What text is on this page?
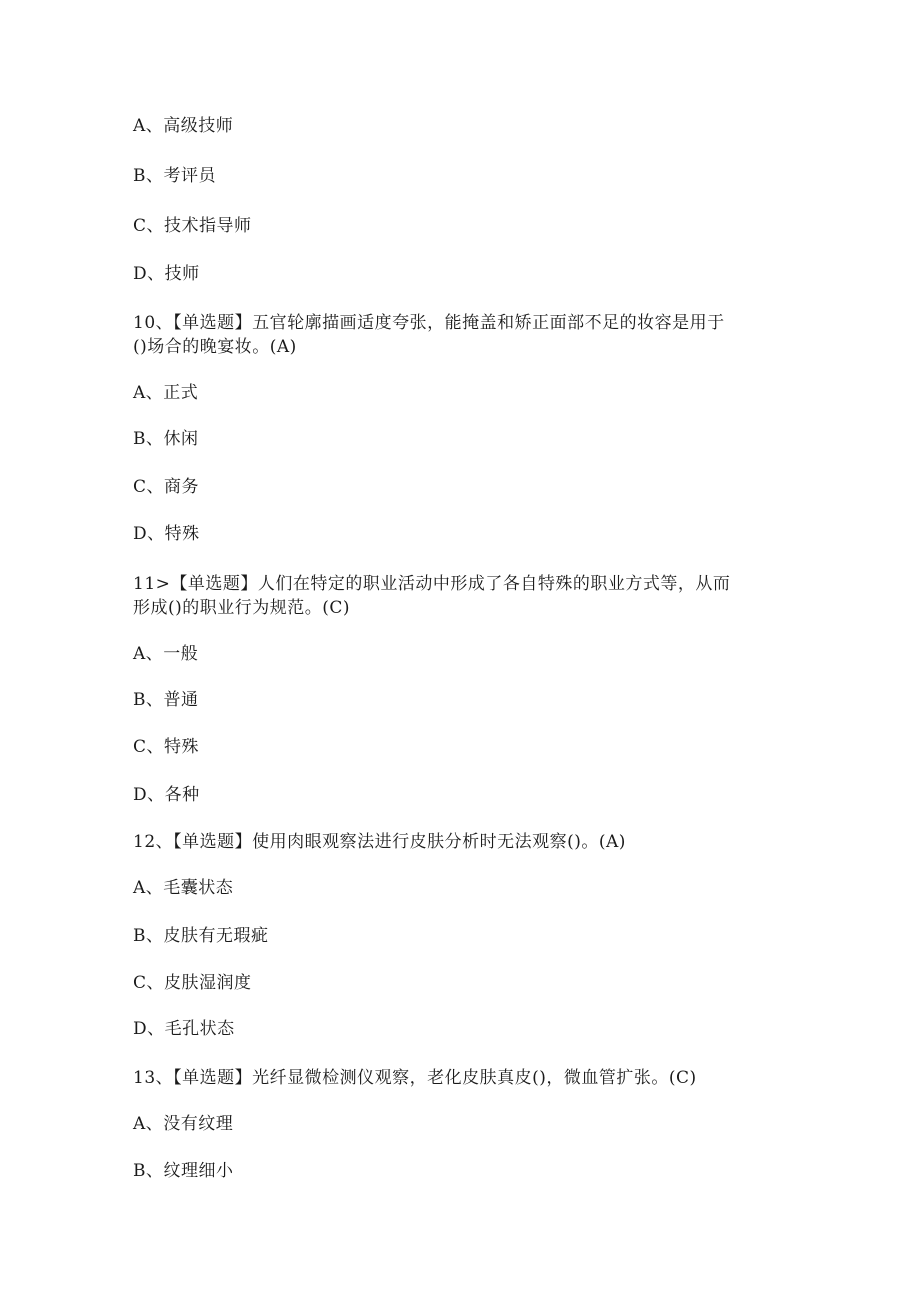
A、高级技师
B、考评员
C、技术指导师
D、技师
10、【单选题】五官轮廓描画适度夸张，能掩盖和矫正面部不足的妆容是用于
()场合的晚宴妆。(A)
A、正式
B、休闲
C、商务
D、特殊
11>【单选题】人们在特定的职业活动中形成了各自特殊的职业方式等，从而
形成()的职业行为规范。(C)
A、一般
B、普通
C、特殊
D、各种
12、【单选题】使用肉眼观察法进行皮肤分析时无法观察()。(A)
A、毛囊状态
B、皮肤有无瑕疵
C、皮肤湿润度
D、毛孔状态
13、【单选题】光纤显微检测仪观察，老化皮肤真皮()，微血管扩张。(C)
A、没有纹理
B、纹理细小
